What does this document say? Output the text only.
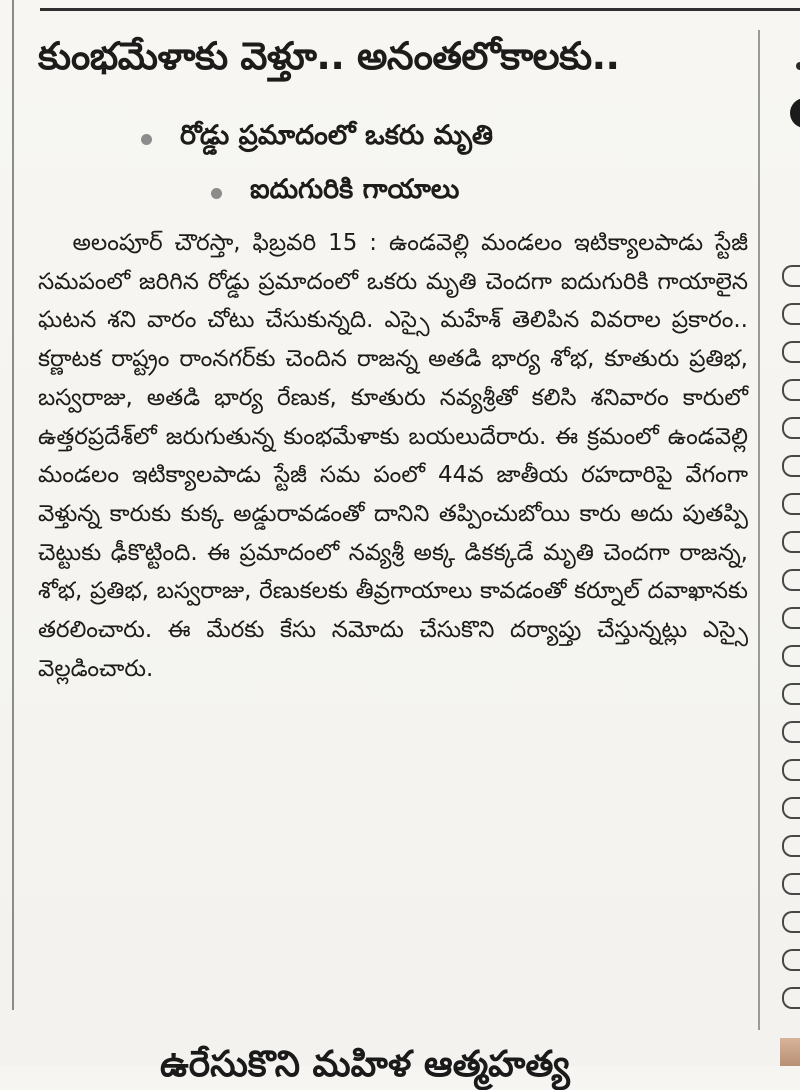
కుంభమేళాకు వెళ్తూ.. అనంతలోకాలకు..
రోడ్డు ప్రమాదంలో ఒకరు మృతి
ఐదుగురికి గాయాలు

అలంపూర్ చౌరస్తా, ఫిబ్రవరి 15 : ఉండవెల్లి మండలం ఇటిక్యాలపాడు స్టేజీ సమపంలో జరిగిన రోడ్డు ప్రమాదంలో ఒకరు మృతి చెందగా ఐదుగురికి గాయాలైన ఘటన శని వారం చోటు చేసుకున్నది. ఎస్సై మహేశ్ తెలిపిన వివరాల ప్రకారం.. కర్ణాటక రాష్ట్రం రాంనగర్‌కు చెందిన రాజన్న అతడి భార్య శోభ, కూతురు ప్రతిభ, బస్వరాజు, అతడి భార్య రేణుక, కూతురు నవ్యశ్రీతో కలిసి శనివారం కారులో ఉత్తరప్రదేశ్‌లో జరుగుతున్న కుంభమేళాకు బయలుదేరారు. ఈ క్రమంలో ఉండవెల్లి మండలం ఇటిక్యాలపాడు స్టేజీ సమ పంలో 44వ జాతీయ రహదారిపై వేగంగా వెళ్తున్న కారుకు కుక్క అడ్డురావడంతో దానిని తప్పించుబోయి కారు అదు పుతప్పి చెట్టుకు ఢీకొట్టింది. ఈ ప్రమాదంలో నవ్యశ్రీ అక్క డికక్కడే మృతి చెందగా రాజన్న, శోభ, ప్రతిభ, బస్వరాజు, రేణుకలకు తీవ్రగాయాలు కావడంతో కర్నూల్ దవాఖానకు తరలించారు. ఈ మేరకు కేసు నమోదు చేసుకొని దర్యాప్తు చేస్తున్నట్లు ఎస్సై వెల్లడించారు.

ఉరేసుకొని మహిళ ఆత్మహత్య
